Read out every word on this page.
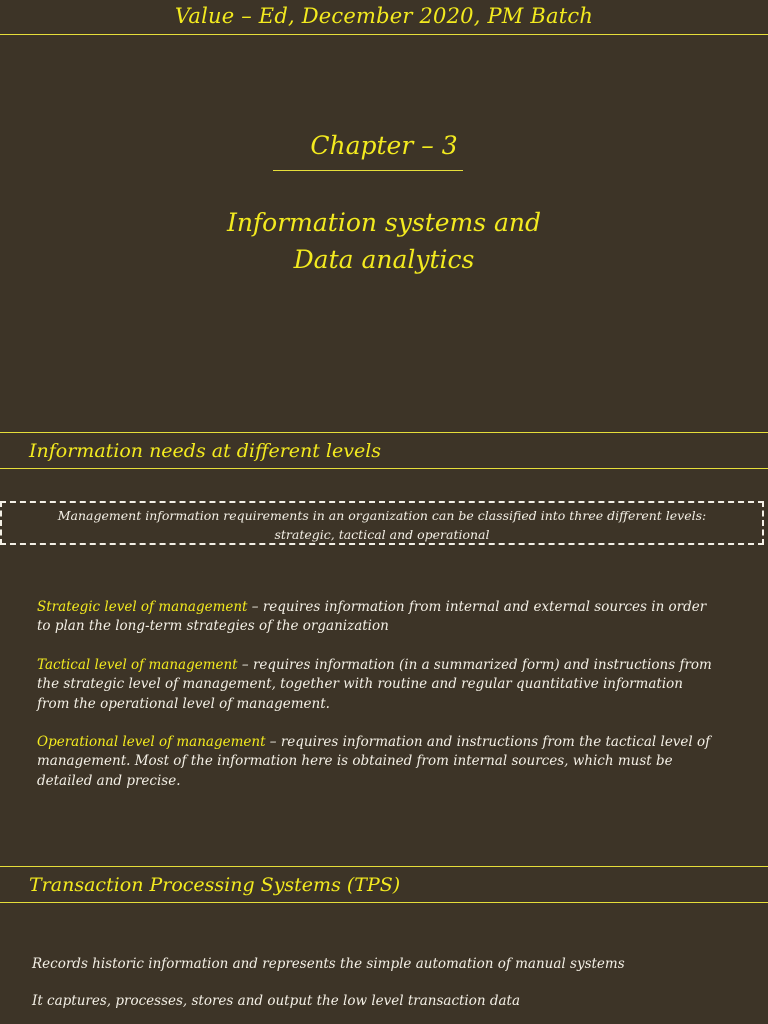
Value – Ed, December 2020, PM Batch
Chapter – 3
Information systems and
Data analytics
Information needs at different levels
Management information requirements in an organization can be classified into three different levels:
strategic, tactical and operational
Strategic level of management – requires information from internal and external sources in order to plan the long-term strategies of the organization
Tactical level of management – requires information (in a summarized form) and instructions from the strategic level of management, together with routine and regular quantitative information from the operational level of management.
Operational level of management – requires information and instructions from the tactical level of management. Most of the information here is obtained from internal sources, which must be detailed and precise.
Transaction Processing Systems (TPS)
Records historic information and represents the simple automation of manual systems
It captures, processes, stores and output the low level transaction data
